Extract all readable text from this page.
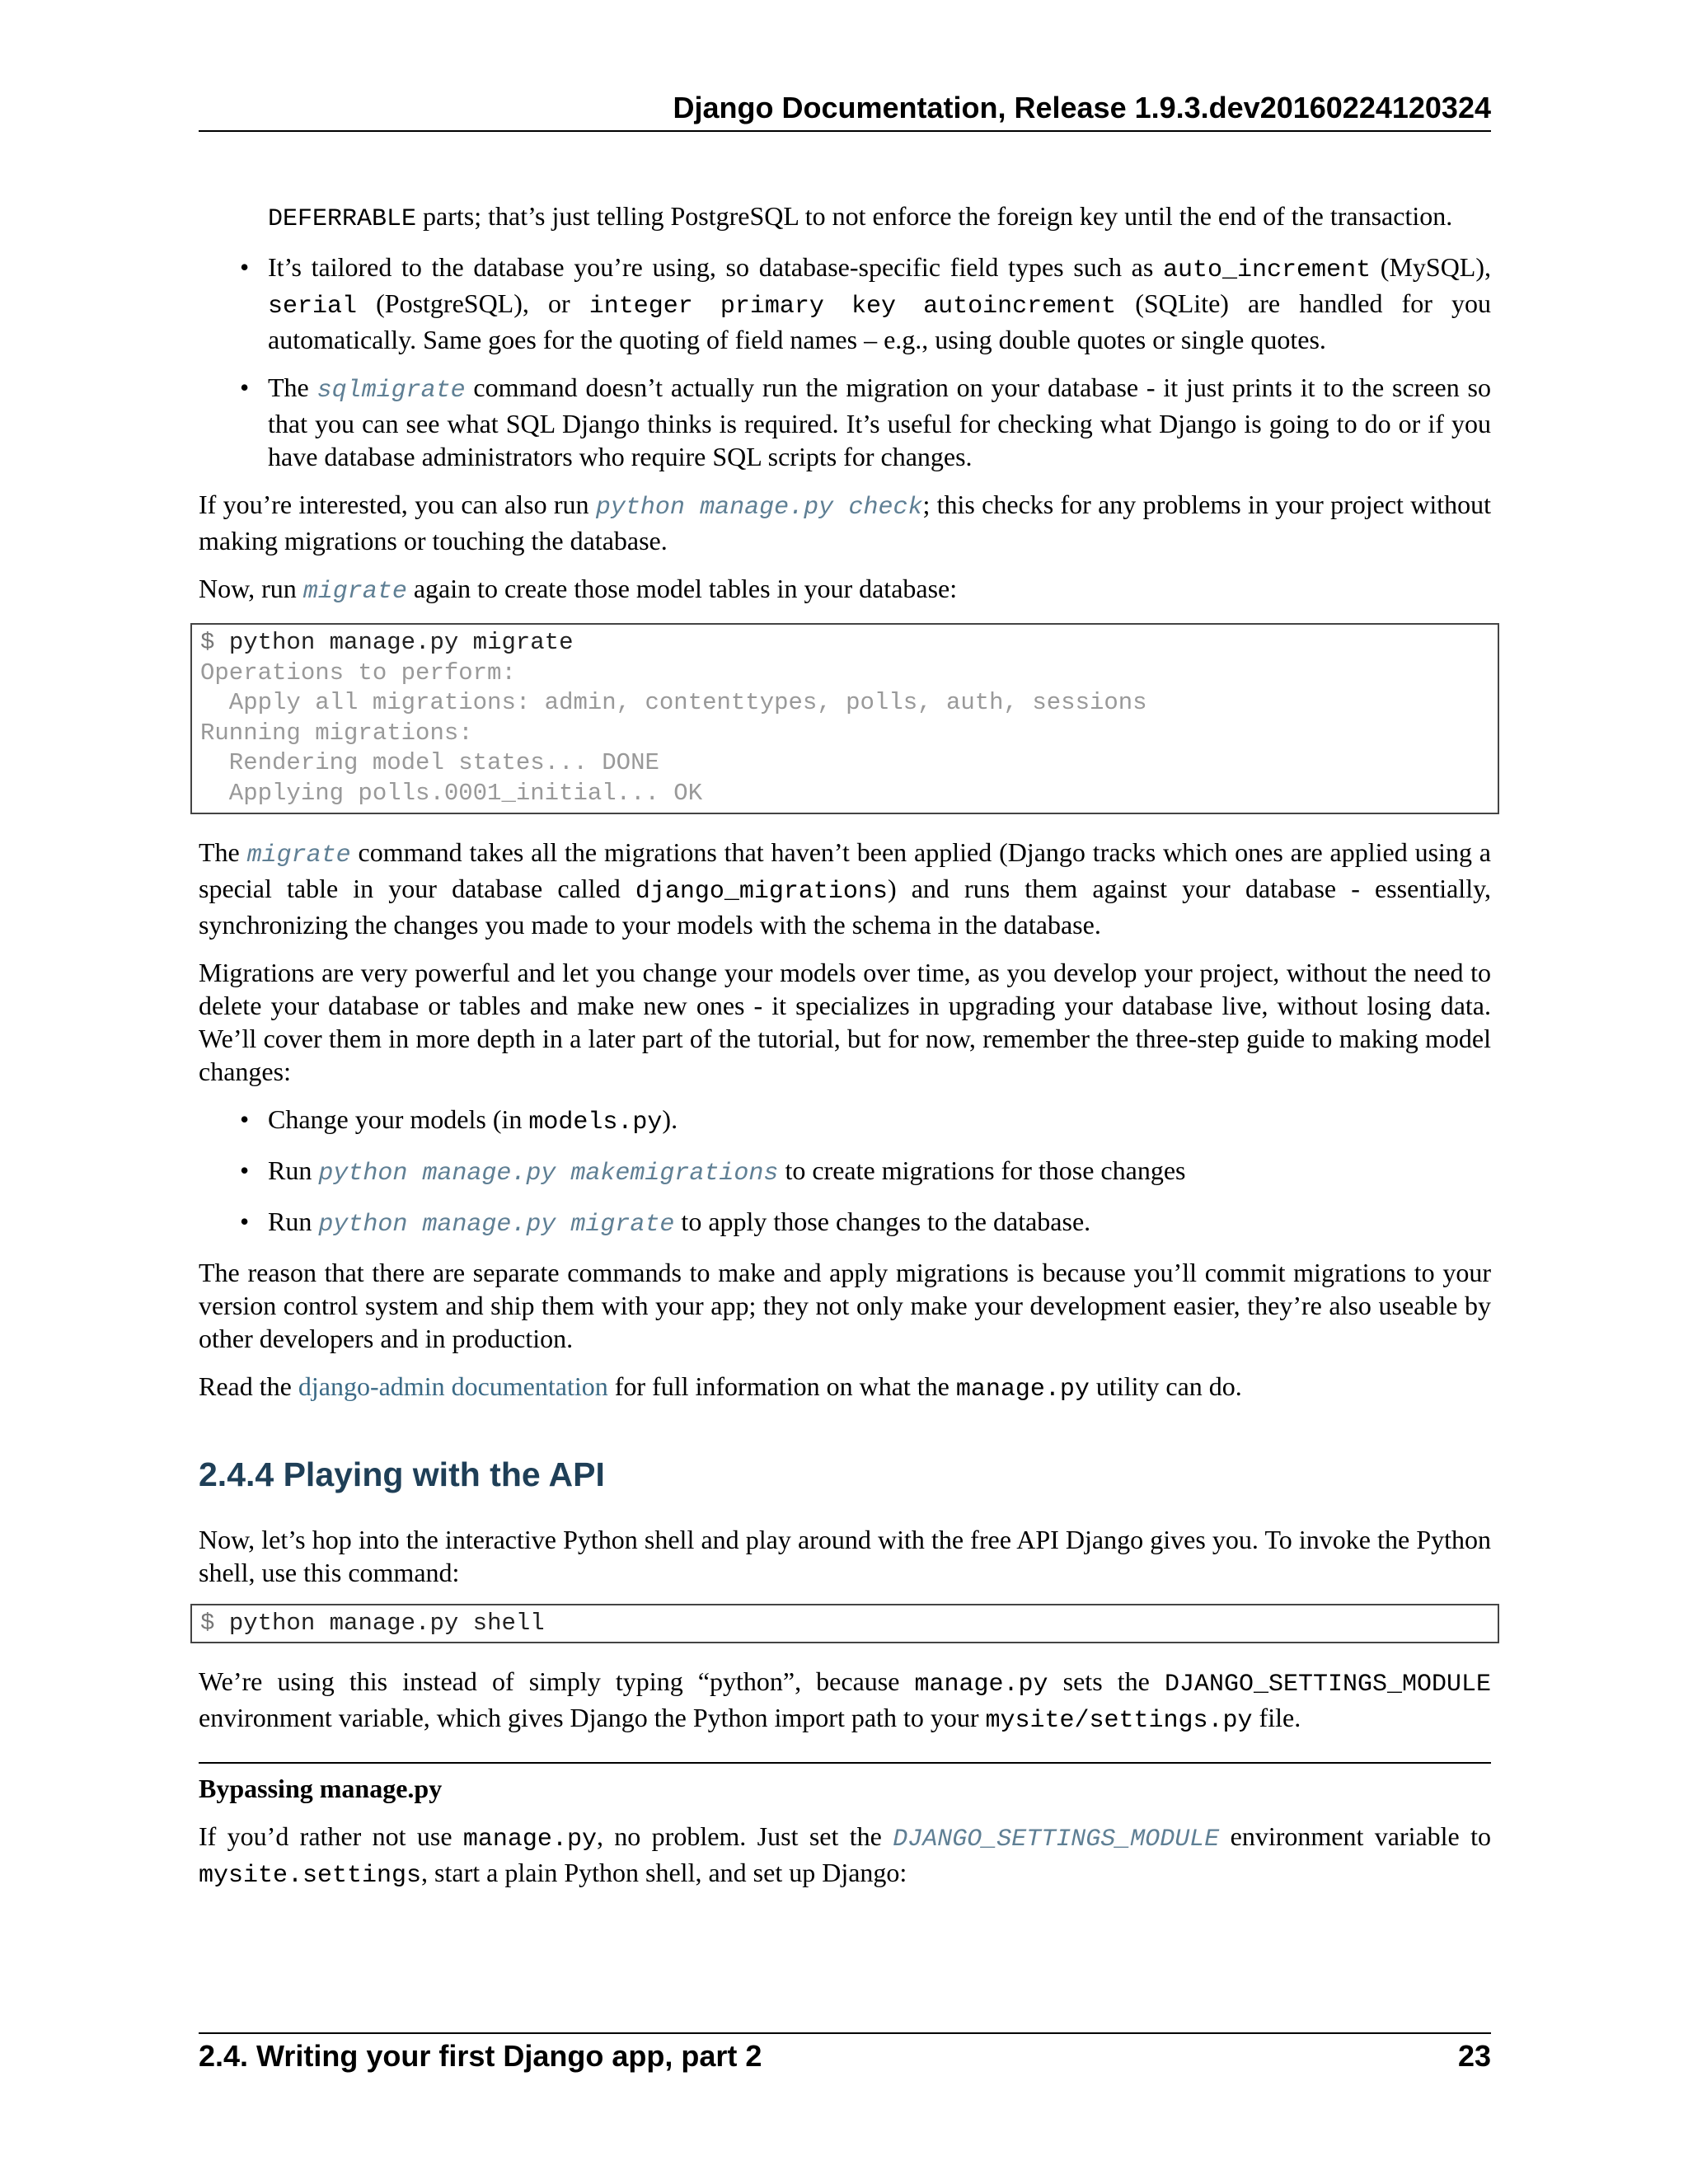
Django Documentation, Release 1.9.3.dev20160224120324

DEFERRABLE parts; that’s just telling PostgreSQL to not enforce the foreign key until the end of the transaction.

• It’s tailored to the database you’re using, so database-specific field types such as auto_increment (MySQL), serial (PostgreSQL), or integer primary key autoincrement (SQLite) are handled for you automatically. Same goes for the quoting of field names – e.g., using double quotes or single quotes.
• The sqlmigrate command doesn’t actually run the migration on your database - it just prints it to the screen so that you can see what SQL Django thinks is required. It’s useful for checking what Django is going to do or if you have database administrators who require SQL scripts for changes.

If you’re interested, you can also run python manage.py check; this checks for any problems in your project without making migrations or touching the database.

Now, run migrate again to create those model tables in your database:

$ python manage.py migrate
Operations to perform:
Apply all migrations: admin, contenttypes, polls, auth, sessions
Running migrations:
Rendering model states... DONE
Applying polls.0001_initial... OK

The migrate command takes all the migrations that haven’t been applied (Django tracks which ones are applied using a special table in your database called django_migrations) and runs them against your database - essentially, synchronizing the changes you made to your models with the schema in the database.

Migrations are very powerful and let you change your models over time, as you develop your project, without the need to delete your database or tables and make new ones - it specializes in upgrading your database live, without losing data. We’ll cover them in more depth in a later part of the tutorial, but for now, remember the three-step guide to making model changes:

• Change your models (in models.py).
• Run python manage.py makemigrations to create migrations for those changes
• Run python manage.py migrate to apply those changes to the database.

The reason that there are separate commands to make and apply migrations is because you’ll commit migrations to your version control system and ship them with your app; they not only make your development easier, they’re also useable by other developers and in production.

Read the django-admin documentation for full information on what the manage.py utility can do.

2.4.4 Playing with the API

Now, let’s hop into the interactive Python shell and play around with the free API Django gives you. To invoke the Python shell, use this command:

$ python manage.py shell

We’re using this instead of simply typing “python”, because manage.py sets the DJANGO_SETTINGS_MODULE environment variable, which gives Django the Python import path to your mysite/settings.py file.

Bypassing manage.py

If you’d rather not use manage.py, no problem. Just set the DJANGO_SETTINGS_MODULE environment variable to mysite.settings, start a plain Python shell, and set up Django:

2.4. Writing your first Django app, part 2	23
